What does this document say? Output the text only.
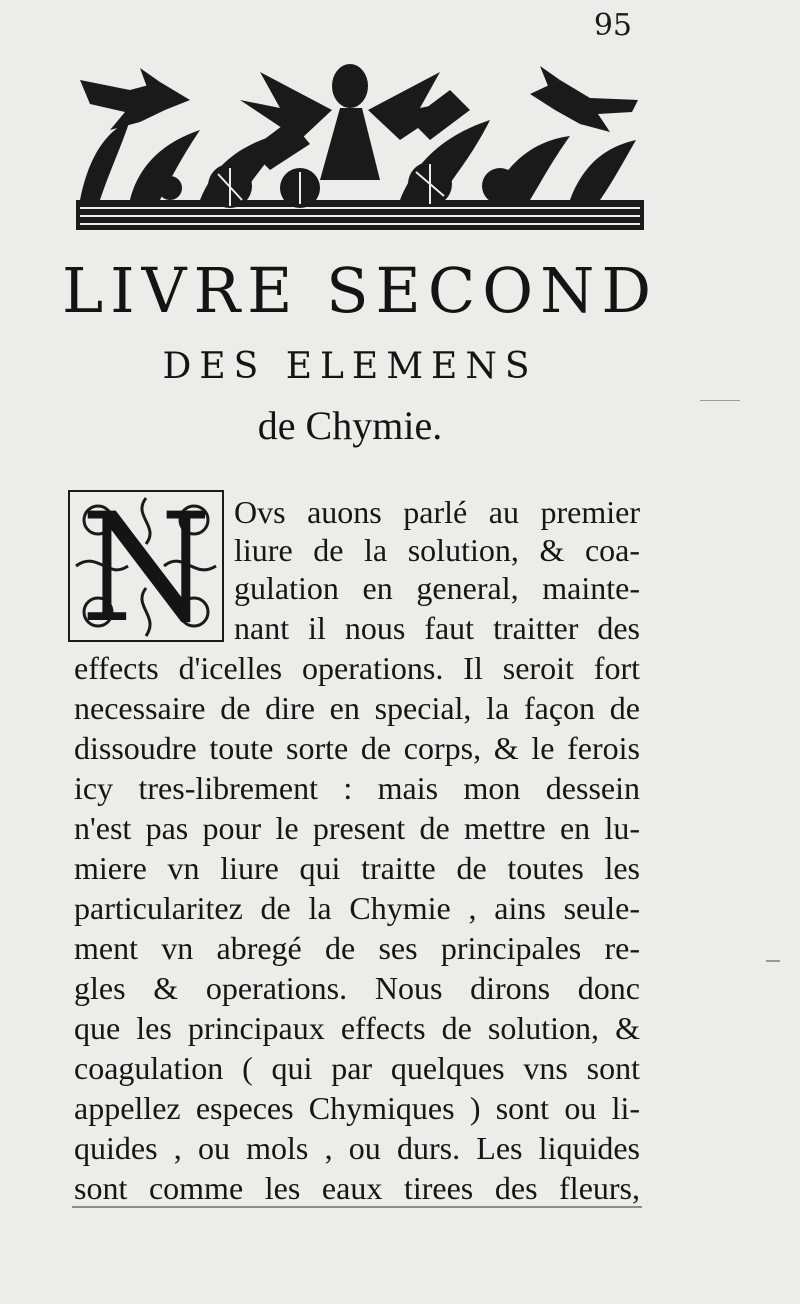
95
LIVRE SECOND
DES ELEMENS
de Chymie.
N Ovs auons parlé au premier
liure de la solution, & coa-
gulation en general, mainte-
nant il nous faut traitter des
effects d'icelles operations. Il seroit fort
necessaire de dire en special, la façon de
dissoudre toute sorte de corps, & le ferois
icy tres-librement : mais mon dessein
n'est pas pour le present de mettre en lu-
miere vn liure qui traitte de toutes les
particularitez de la Chymie , ains seule-
ment vn abregé de ses principales re-
gles & operations. Nous dirons donc
que les principaux effects de solution, &
coagulation ( qui par quelques vns sont
appellez especes Chymiques ) sont ou li-
quides , ou mols , ou durs. Les liquides
sont comme les eaux tirees des fleurs,
